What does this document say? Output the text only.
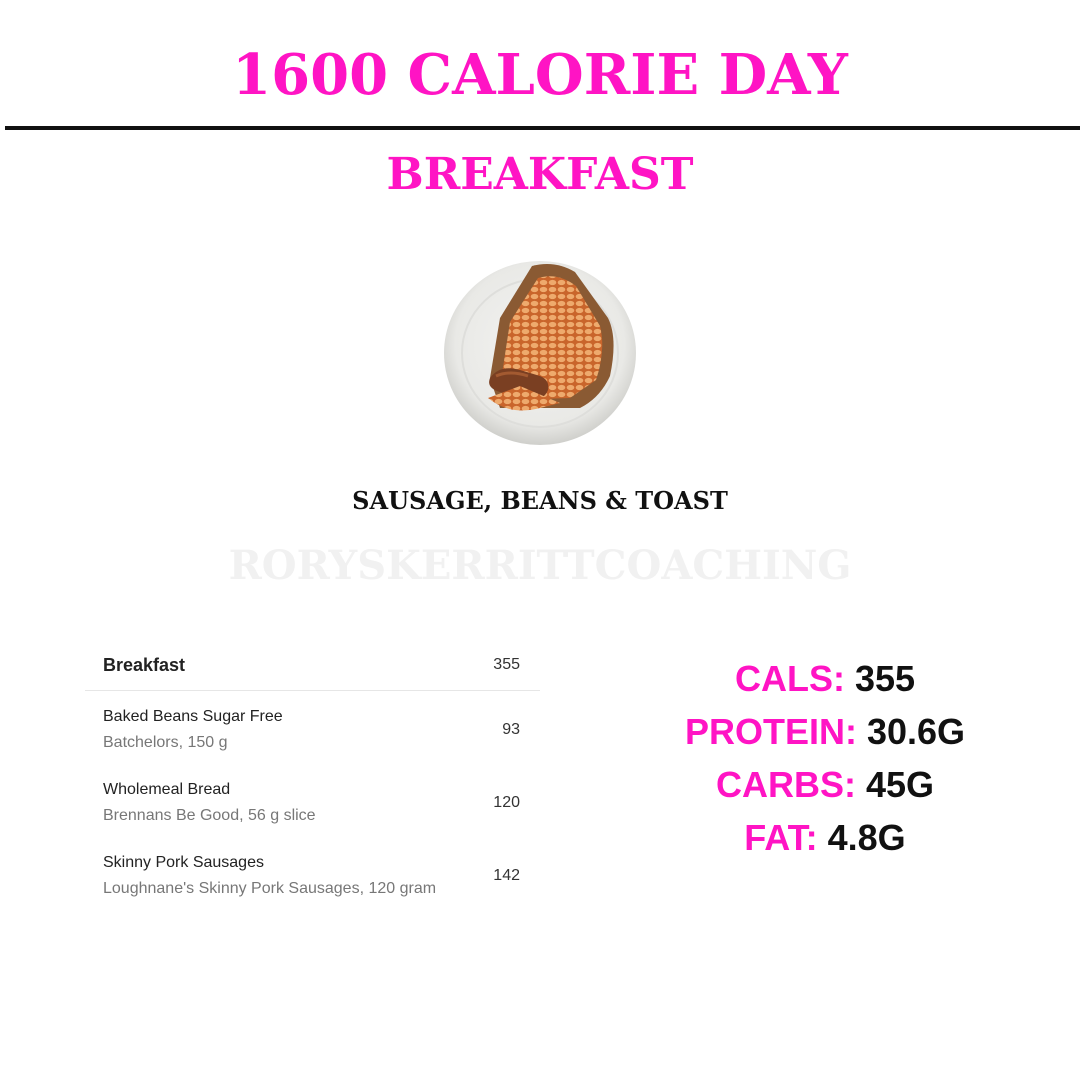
1600 CALORIE DAY
BREAKFAST
SAUSAGE, BEANS & TOAST
RORYSKERRITTCOACHING
Breakfast	355
Baked Beans Sugar Free
Batchelors, 150 g
93
Wholemeal Bread
Brennans Be Good, 56 g slice
120
Skinny Pork Sausages
Loughnane's Skinny Pork Sausages, 120 gram
142
CALS: 355
PROTEIN: 30.6G
CARBS: 45G
FAT: 4.8G
